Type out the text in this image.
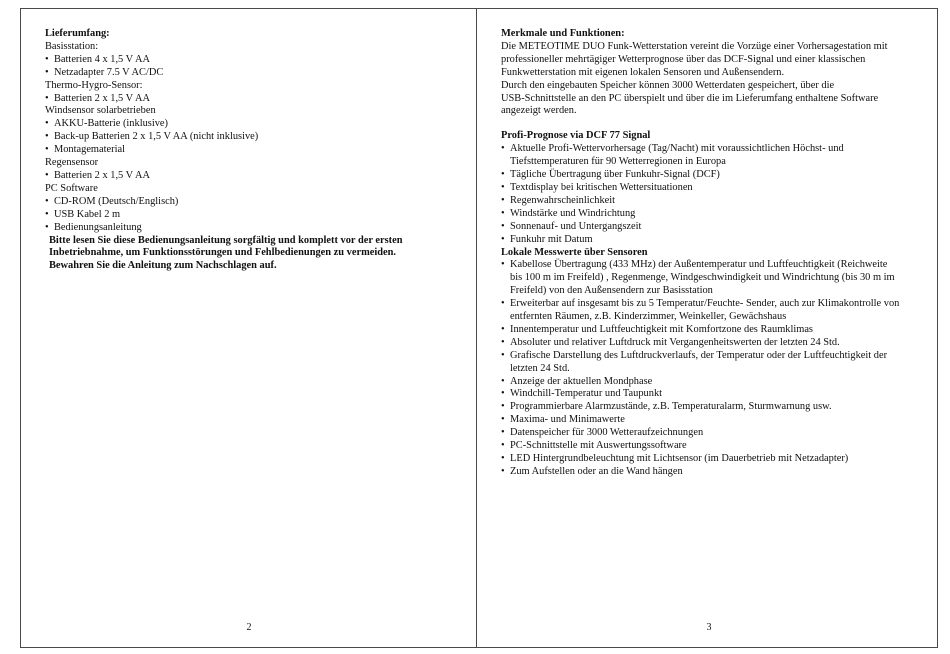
Lieferumfang:
Basisstation:
• Batterien 4 x 1,5 V AA
• Netzadapter 7.5 V AC/DC
Thermo-Hygro-Sensor:
• Batterien 2 x 1,5 V AA
Windsensor solarbetrieben
• AKKU-Batterie (inklusive)
• Back-up Batterien 2 x 1,5 V AA (nicht inklusive)
• Montagematerial
Regensensor
• Batterien 2 x 1,5 V AA
PC Software
• CD-ROM (Deutsch/Englisch)
• USB Kabel 2 m
• Bedienungsanleitung
Bitte lesen Sie diese Bedienungsanleitung sorgfältig und komplett vor der ersten
Inbetriebnahme, um Funktionsstörungen und Fehlbedienungen zu vermeiden.
Bewahren Sie die Anleitung zum Nachschlagen auf.
2
Merkmale und Funktionen:
Die METEOTIME DUO Funk-Wetterstation vereint die Vorzüge einer Vorhersagestation mit
professioneller mehrtägiger Wetterprognose über das DCF-Signal und einer klassischen
Funkwetterstation mit eigenen lokalen Sensoren und Außensendern.
Durch den eingebauten Speicher können 3000 Wetterdaten gespeichert, über die
USB-Schnittstelle an den PC überspielt und über die im Lieferumfang enthaltene Software
angezeigt werden.
Profi-Prognose via DCF 77 Signal
• Aktuelle Profi-Wettervorhersage (Tag/Nacht) mit voraussichtlichen Höchst- und
Tiefsttemperaturen für 90 Wetterregionen in Europa
• Tägliche Übertragung über Funkuhr-Signal (DCF)
• Textdisplay bei kritischen Wettersituationen
• Regenwahrscheinlichkeit
• Windstärke und Windrichtung
• Sonnenauf- und Untergangszeit
• Funkuhr mit Datum
Lokale Messwerte über Sensoren
• Kabellose Übertragung (433 MHz) der Außentemperatur und Luftfeuchtigkeit (Reichweite
bis 100 m im Freifeld) , Regenmenge, Windgeschwindigkeit und Windrichtung (bis 30 m im
Freifeld) von den Außensendern zur Basisstation
• Erweiterbar auf insgesamt bis zu 5 Temperatur/Feuchte- Sender, auch zur Klimakontrolle von
entfernten Räumen, z.B. Kinderzimmer, Weinkeller, Gewächshaus
• Innentemperatur und Luftfeuchtigkeit mit Komfortzone des Raumklimas
• Absoluter und relativer Luftdruck mit Vergangenheitswerten der letzten 24 Std.
• Grafische Darstellung des Luftdruckverlaufs, der Temperatur oder der Luftfeuchtigkeit der
letzten 24 Std.
• Anzeige der aktuellen Mondphase
• Windchill-Temperatur und Taupunkt
• Programmierbare Alarmzustände, z.B. Temperaturalarm, Sturmwarnung usw.
• Maxima- und Minimawerte
• Datenspeicher für 3000 Wetteraufzeichnungen
• PC-Schnittstelle mit Auswertungssoftware
• LED Hintergrundbeleuchtung mit Lichtsensor (im Dauerbetrieb mit Netzadapter)
• Zum Aufstellen oder an die Wand hängen
3
